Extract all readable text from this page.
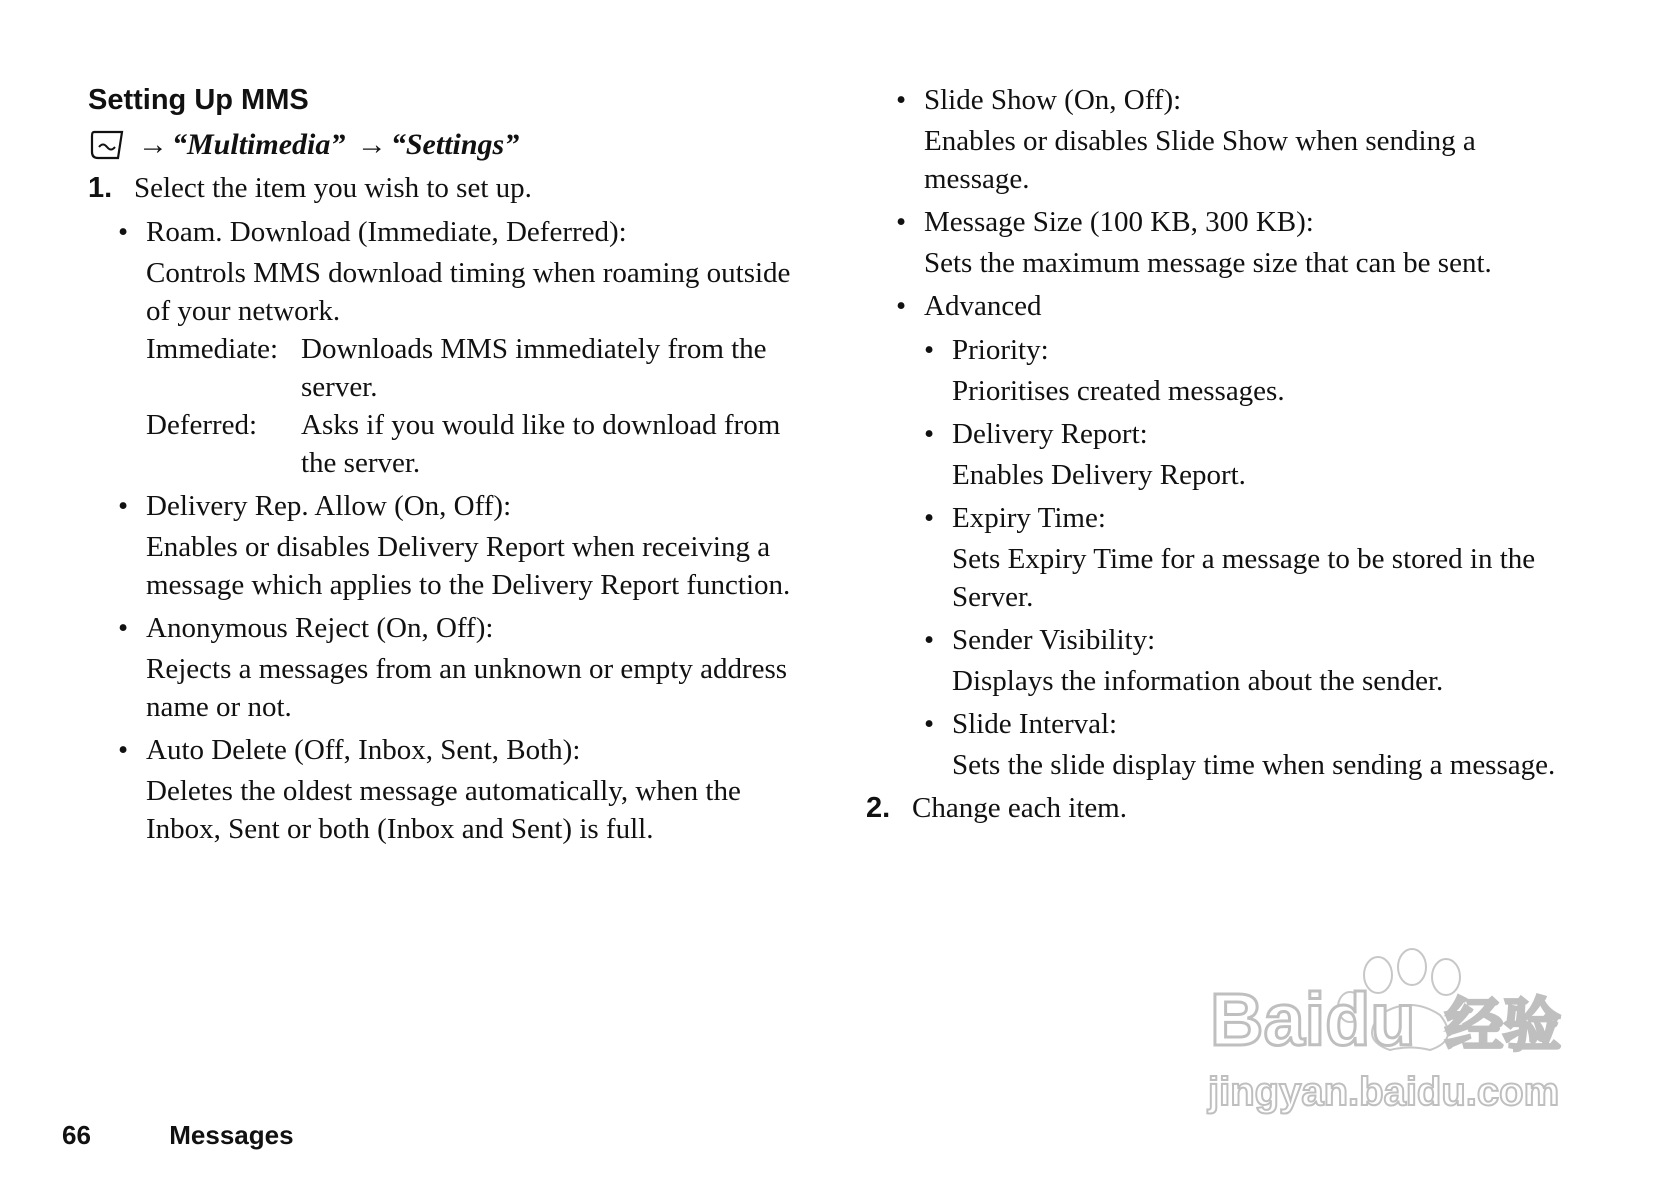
Setting Up MMS
→ “Multimedia” → “Settings”
1. Select the item you wish to set up.
• Roam. Download (Immediate, Deferred):
Controls MMS download timing when roaming outside of your network.
Immediate: Downloads MMS immediately from the server.
Deferred:	Asks if you would like to download from the server.
• Delivery Rep. Allow (On, Off):
Enables or disables Delivery Report when receiving a message which applies to the Delivery Report function.
• Anonymous Reject (On, Off):
Rejects a messages from an unknown or empty address name or not.
• Auto Delete (Off, Inbox, Sent, Both):
Deletes the oldest message automatically, when the Inbox, Sent or both (Inbox and Sent) is full.
• Slide Show (On, Off):
Enables or disables Slide Show when sending a message.
• Message Size (100 KB, 300 KB):
Sets the maximum message size that can be sent.
• Advanced
• Priority:
Prioritises created messages.
• Delivery Report:
Enables Delivery Report.
• Expiry Time:
Sets Expiry Time for a message to be stored in the Server.
• Sender Visibility:
Displays the information about the sender.
• Slide Interval:
Sets the slide display time when sending a message.
2. Change each item.
66	Messages
Baidu 经验
jingyan.baidu.com
